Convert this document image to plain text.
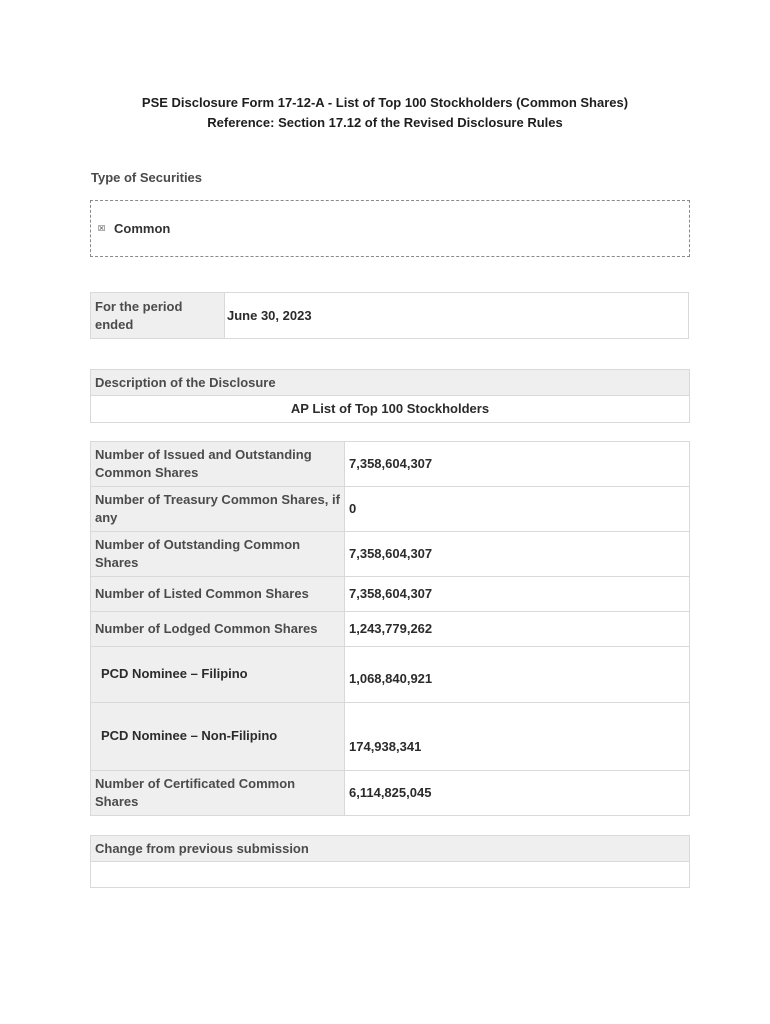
PSE Disclosure Form 17-12-A - List of Top 100 Stockholders (Common Shares)
Reference: Section 17.12 of the Revised Disclosure Rules
Type of Securities
☒ Common
For the period ended	June 30, 2023
Description of the Disclosure
AP List of Top 100 Stockholders
Number of Issued and Outstanding Common Shares	7,358,604,307
Number of Treasury Common Shares, if any	0
Number of Outstanding Common Shares	7,358,604,307
Number of Listed Common Shares	7,358,604,307
Number of Lodged Common Shares	1,243,779,262
PCD Nominee – Filipino	1,068,840,921
PCD Nominee – Non-Filipino	174,938,341
Number of Certificated Common Shares	6,114,825,045
Change from previous submission
